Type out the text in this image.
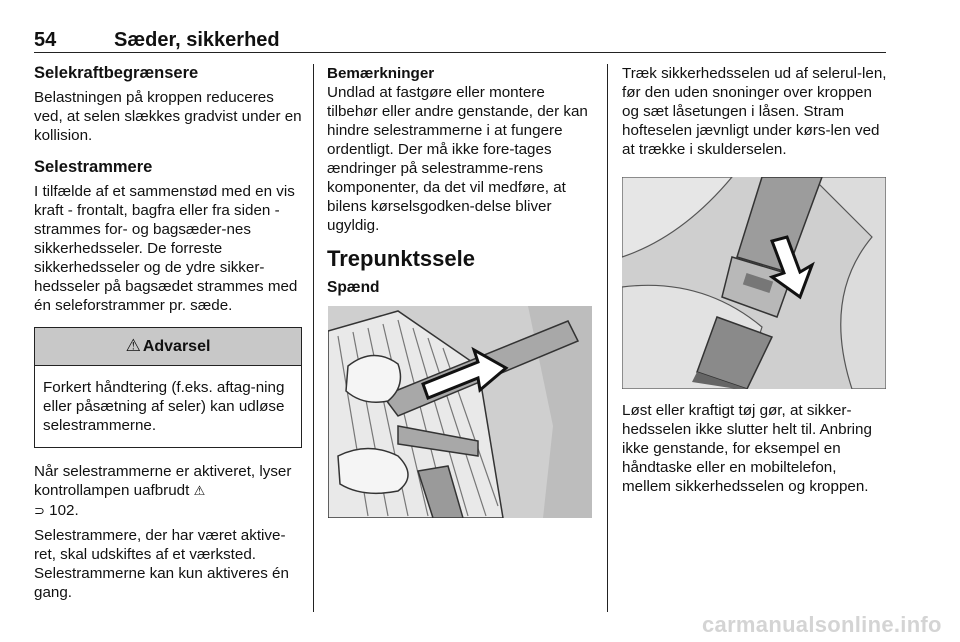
54	Sæder, sikkerhed
Selekraftbegrænsere
Belastningen på kroppen reduceres ved, at selen slækkes gradvist under en kollision.
Selestrammere
I tilfælde af et sammenstød med en vis kraft - frontalt, bagfra eller fra siden - strammes for- og bagsæder-nes sikkerhedsseler. De forreste sikkerhedsseler og de ydre sikker-hedsseler på bagsædet strammes med én seleforstrammer pr. sæde.
⚠ Advarsel
Forkert håndtering (f.eks. aftag-ning eller påsætning af seler) kan udløse selestrammerne.
Når selestrammerne er aktiveret, lyser kontrollampen uafbrudt ⚠
⊃ 102.
Selestrammere, der har været aktive-ret, skal udskiftes af et værksted. Selestrammerne kan kun aktiveres én gang.
Bemærkninger
Undlad at fastgøre eller montere tilbehør eller andre genstande, der kan hindre selestrammerne i at fungere ordentligt. Der må ikke fore-tages ændringer på selestramme-rens komponenter, da det vil medføre, at bilens kørselsgodken-delse bliver ugyldig.
Trepunktssele
Spænd
Træk sikkerhedsselen ud af selerul-len, før den uden snoninger over kroppen og sæt låsetungen i låsen. Stram hofteselen jævnligt under kørs-len ved at trække i skulderselen.
Løst eller kraftigt tøj gør, at sikker-hedsselen ikke slutter helt til. Anbring ikke genstande, for eksempel en håndtaske eller en mobiltelefon, mellem sikkerhedsselen og kroppen.
carmanualsonline.info
